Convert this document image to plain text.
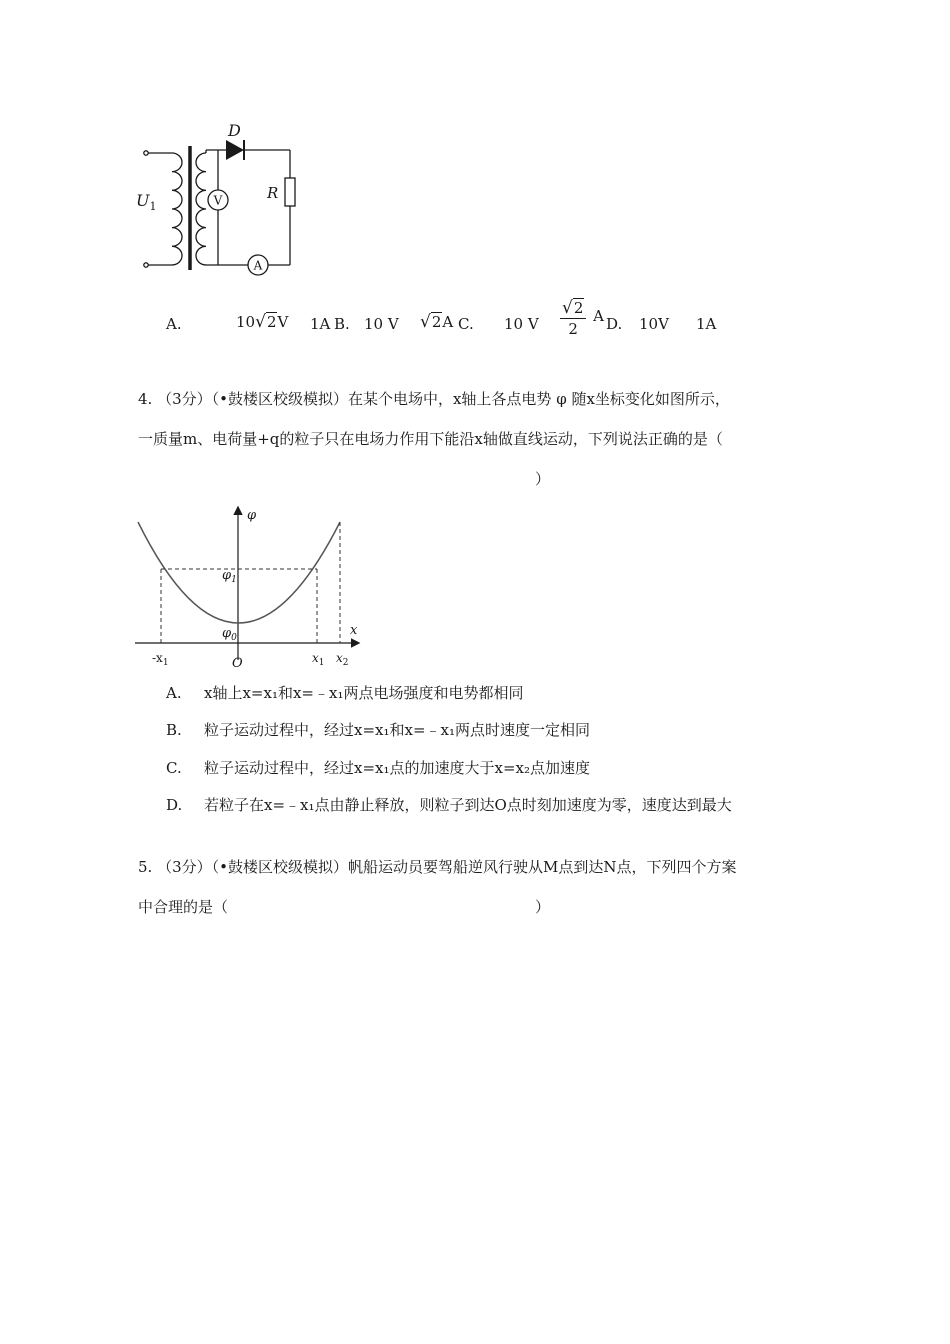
$U_1$
D
R
V
A
A.	10√2V 1A B. 10 V √2A C. 10 V $\frac{√2}{2}$ A D. 10V 1A
4. （3分）（•鼓楼区校级模拟）在某个电场中，x轴上各点电势 φ 随x坐标变化如图所示，
一质量m、电荷量+q的粒子只在电场力作用下能沿x轴做直线运动，下列说法正确的是（
）
φ
$\varphi_1$
$\varphi_0$	x
$-x_1$	O	$x_1$ $x_2$
A. x轴上x=x₁和x=﹣x₁两点电场强度和电势都相同
B. 粒子运动过程中，经过x=x₁和x=﹣x₁两点时速度一定相同
C. 粒子运动过程中，经过x=x₁点的加速度大于x=x₂点加速度
D. 若粒子在x=﹣x₁点由静止释放，则粒子到达O点时刻加速度为零，速度达到最大
5. （3分）（•鼓楼区校级模拟）帆船运动员要驾船逆风行驶从M点到达N点，下列四个方案
中合理的是（	）
